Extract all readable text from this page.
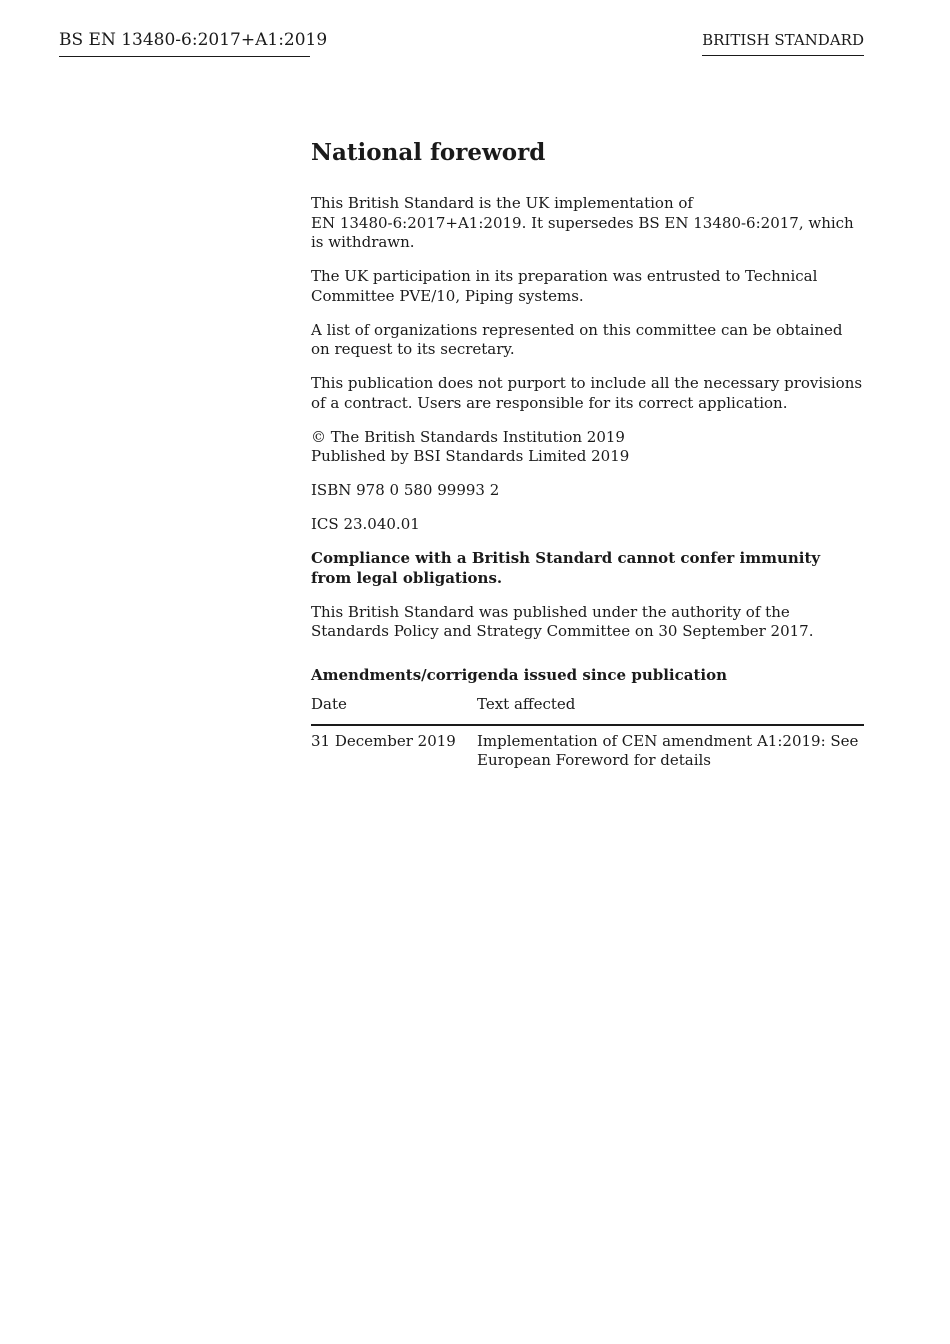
BS EN 13480-6:2017+A1:2019	BRITISH STANDARD
National foreword

This British Standard is the UK implementation of
EN 13480-6:2017+A1:2019. It supersedes BS EN 13480-6:2017, which is withdrawn.

The UK participation in its preparation was entrusted to Technical Committee PVE/10, Piping systems.

A list of organizations represented on this committee can be obtained on request to its secretary.

This publication does not purport to include all the necessary provisions of a contract. Users are responsible for its correct application.

© The British Standards Institution 2019
Published by BSI Standards Limited 2019

ISBN 978 0 580 99993 2

ICS 23.040.01

Compliance with a British Standard cannot confer immunity from legal obligations.

This British Standard was published under the authority of the Standards Policy and Strategy Committee on 30 September 2017.

Amendments/corrigenda issued since publication
Date	Text affected
31 December 2019	Implementation of CEN amendment A1:2019: See European Foreword for details
